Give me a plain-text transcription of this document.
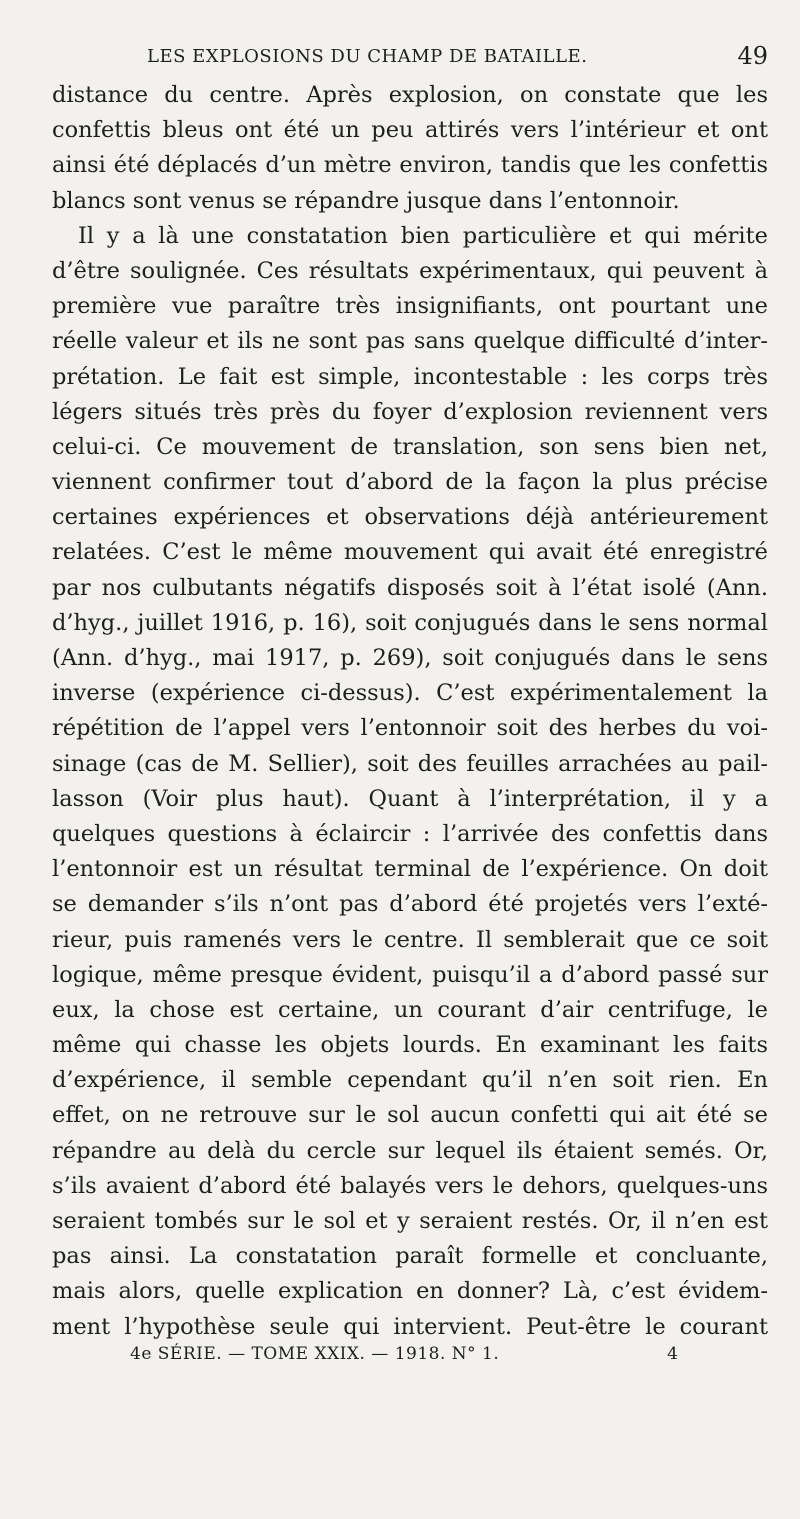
LES EXPLOSIONS DU CHAMP DE BATAILLE.	49
distance du centre. Après explosion, on constate que les
confettis bleus ont été un peu attirés vers l’intérieur et ont
ainsi été déplacés d’un mètre environ, tandis que les confettis
blancs sont venus se répandre jusque dans l’entonnoir.
Il y a là une constatation bien particulière et qui mérite
d’être soulignée. Ces résultats expérimentaux, qui peuvent à
première vue paraître très insignifiants, ont pourtant une
réelle valeur et ils ne sont pas sans quelque difficulté d’inter-
prétation. Le fait est simple, incontestable : les corps très
légers situés très près du foyer d’explosion reviennent vers
celui-ci. Ce mouvement de translation, son sens bien net,
viennent confirmer tout d’abord de la façon la plus précise
certaines expériences et observations déjà antérieurement
relatées. C’est le même mouvement qui avait été enregistré
par nos culbutants négatifs disposés soit à l’état isolé (Ann.
d’hyg., juillet 1916, p. 16), soit conjugués dans le sens normal
(Ann. d’hyg., mai 1917, p. 269), soit conjugués dans le sens
inverse (expérience ci-dessus). C’est expérimentalement la
répétition de l’appel vers l’entonnoir soit des herbes du voi-
sinage (cas de M. Sellier), soit des feuilles arrachées au pail-
lasson (Voir plus haut). Quant à l’interprétation, il y a
quelques questions à éclaircir : l’arrivée des confettis dans
l’entonnoir est un résultat terminal de l’expérience. On doit
se demander s’ils n’ont pas d’abord été projetés vers l’exté-
rieur, puis ramenés vers le centre. Il semblerait que ce soit
logique, même presque évident, puisqu’il a d’abord passé sur
eux, la chose est certaine, un courant d’air centrifuge, le
même qui chasse les objets lourds. En examinant les faits
d’expérience, il semble cependant qu’il n’en soit rien. En
effet, on ne retrouve sur le sol aucun confetti qui ait été se
répandre au delà du cercle sur lequel ils étaient semés. Or,
s’ils avaient d’abord été balayés vers le dehors, quelques-uns
seraient tombés sur le sol et y seraient restés. Or, il n’en est
pas ainsi. La constatation paraît formelle et concluante,
mais alors, quelle explication en donner? Là, c’est évidem-
ment l’hypothèse seule qui intervient. Peut-être le courant
4e SÉRIE. — TOME XXIX. — 1918. N° 1.	4
